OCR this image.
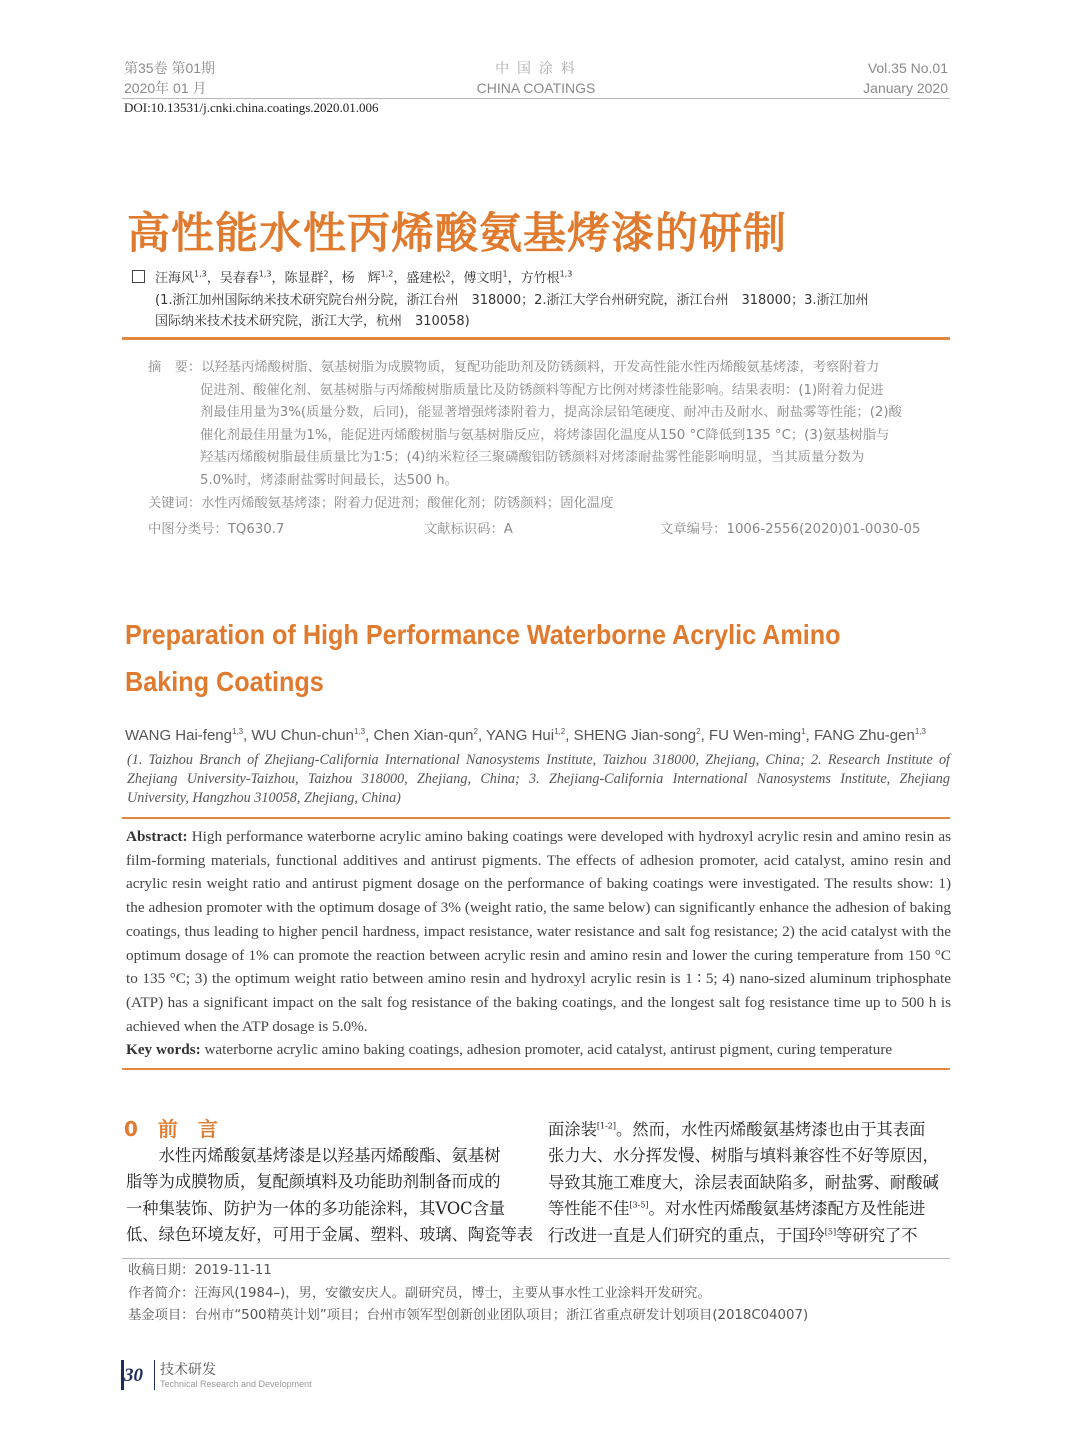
第35卷 第01期
2020年 01 月
中 国 涂 料
CHINA COATINGS
Vol.35 No.01
January 2020
DOI:10.13531/j.cnki.china.coatings.2020.01.006
高性能水性丙烯酸氨基烤漆的研制
汪海风$^{1,3}$，吴春春$^{1,3}$，陈显群$^2$，杨　辉$^{1,2}$，盛建松$^2$，傅文明$^1$，方竹根$^{1,3}$
(1.浙江加州国际纳米技术研究院台州分院，浙江台州　318000；2.浙江大学台州研究院，浙江台州　318000；3.浙江加州
国际纳米技术技术研究院，浙江大学，杭州　310058)
摘　要：以羟基丙烯酸树脂、氨基树脂为成膜物质，复配功能助剂及防锈颜料，开发高性能水性丙烯酸氨基烤漆，考察附着力
促进剂、酸催化剂、氨基树脂与丙烯酸树脂质量比及防锈颜料等配方比例对烤漆性能影响。结果表明：(1)附着力促进
剂最佳用量为3%(质量分数，后同)，能显著增强烤漆附着力，提高涂层铅笔硬度、耐冲击及耐水、耐盐雾等性能；(2)酸
催化剂最佳用量为1%，能促进丙烯酸树脂与氨基树脂反应，将烤漆固化温度从150 °C降低到135 °C；(3)氨基树脂与
羟基丙烯酸树脂最佳质量比为1∶5；(4)纳米粒径三聚磷酸铝防锈颜料对烤漆耐盐雾性能影响明显，当其质量分数为
5.0%时，烤漆耐盐雾时间最长，达500 h。
关键词：水性丙烯酸氨基烤漆；附着力促进剂；酸催化剂；防锈颜料；固化温度
中图分类号：TQ630.7	文献标识码：A	文章编号：1006-2556(2020)01-0030-05
Preparation of High Performance Waterborne Acrylic Amino
Baking Coatings
WANG Hai-feng$^{1,3}$, WU Chun-chun$^{1,3}$, Chen Xian-qun$^2$, YANG Hui$^{1,2}$, SHENG Jian-song$^2$, FU Wen-ming$^1$, FANG Zhu-gen$^{1,3}$
(1. Taizhou Branch of Zhejiang-California International Nanosystems Institute, Taizhou 318000, Zhejiang, China; 2. Research Institute of Zhejiang University-Taizhou, Taizhou 318000, Zhejiang, China; 3. Zhejiang-California International Nanosystems Institute, Zhejiang University, Hangzhou 310058, Zhejiang, China)
Abstract: High performance waterborne acrylic amino baking coatings were developed with hydroxyl acrylic resin and amino resin as film-forming materials, functional additives and antirust pigments. The effects of adhesion promoter, acid catalyst, amino resin and acrylic resin weight ratio and antirust pigment dosage on the performance of baking coatings were investigated. The results show: 1) the adhesion promoter with the optimum dosage of 3% (weight ratio, the same below) can significantly enhance the adhesion of baking coatings, thus leading to higher pencil hardness, impact resistance, water resistance and salt fog resistance; 2) the acid catalyst with the optimum dosage of 1% can promote the reaction between acrylic resin and amino resin and lower the curing temperature from 150 °C to 135 °C; 3) the optimum weight ratio between amino resin and hydroxyl acrylic resin is 1 ∶ 5; 4) nano-sized aluminum triphosphate (ATP) has a significant impact on the salt fog resistance of the baking coatings, and the longest salt fog resistance time up to 500 h is achieved when the ATP dosage is 5.0%.
Key words: waterborne acrylic amino baking coatings, adhesion promoter, acid catalyst, antirust pigment, curing temperature
0　前　言
　　水性丙烯酸氨基烤漆是以羟基丙烯酸酯、氨基树
脂等为成膜物质，复配颜填料及功能助剂制备而成的
一种集装饰、防护为一体的多功能涂料，其VOC含量
低、绿色环境友好，可用于金属、塑料、玻璃、陶瓷等表
面涂装[1-2]。然而，水性丙烯酸氨基烤漆也由于其表面
张力大、水分挥发慢、树脂与填料兼容性不好等原因，
导致其施工难度大，涂层表面缺陷多，耐盐雾、耐酸碱
等性能不佳[3-5]。对水性丙烯酸氨基烤漆配方及性能进
行改进一直是人们研究的重点，于国玲[5]等研究了不
收稿日期：2019-11-11
作者简介：汪海风(1984–)，男，安徽安庆人。副研究员，博士，主要从事水性工业涂料开发研究。
基金项目：台州市“500精英计划”项目；台州市领军型创新创业团队项目；浙江省重点研发计划项目(2018C04007)
30 技术研发
Technical Research and Development
